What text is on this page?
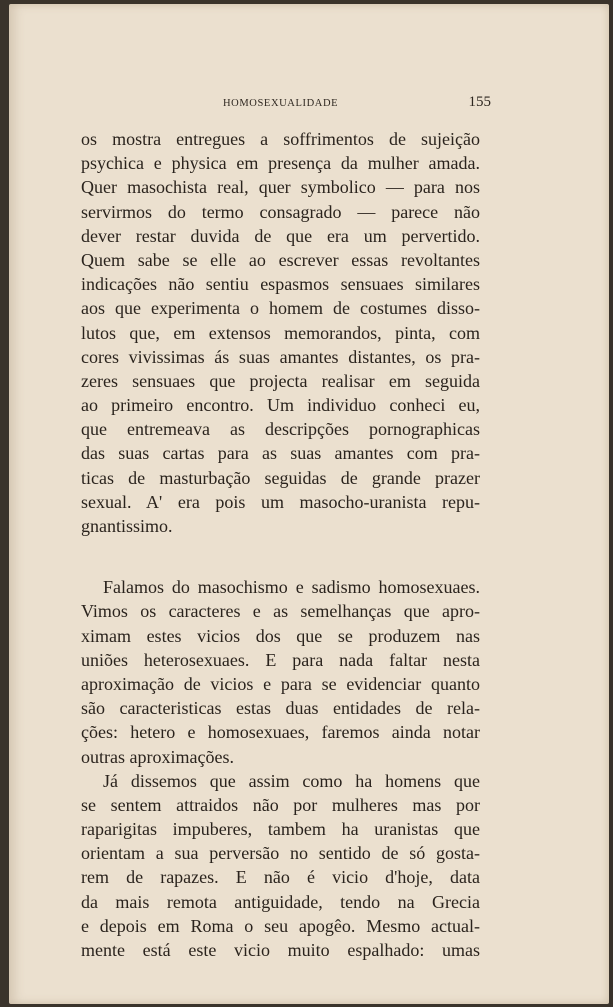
HOMOSEXUALIDADE	155
os mostra entregues a soffrimentos de sujeição
psychica e physica em presença da mulher amada.
Quer masochista real, quer symbolico — para nos
servirmos do termo consagrado — parece não
dever restar duvida de que era um pervertido.
Quem sabe se elle ao escrever essas revoltantes
indicações não sentiu espasmos sensuaes similares
aos que experimenta o homem de costumes disso-
lutos que, em extensos memorandos, pinta, com
cores vivissimas ás suas amantes distantes, os pra-
zeres sensuaes que projecta realisar em seguida
ao primeiro encontro. Um individuo conheci eu,
que entremeava as descripções pornographicas
das suas cartas para as suas amantes com pra-
ticas de masturbação seguidas de grande prazer
sexual. A' era pois um masocho-uranista repu-
gnantissimo.
Falamos do masochismo e sadismo homosexuaes.
Vimos os caracteres e as semelhanças que apro-
ximam estes vicios dos que se produzem nas
uniões heterosexuaes. E para nada faltar nesta
aproximação de vicios e para se evidenciar quanto
são caracteristicas estas duas entidades de rela-
ções: hetero e homosexuaes, faremos ainda notar
outras aproximações.
Já dissemos que assim como ha homens que
se sentem attraidos não por mulheres mas por
raparigitas impuberes, tambem ha uranistas que
orientam a sua perversão no sentido de só gosta-
rem de rapazes. E não é vicio d'hoje, data
da mais remota antiguidade, tendo na Grecia
e depois em Roma o seu apogêo. Mesmo actual-
mente está este vicio muito espalhado: umas
